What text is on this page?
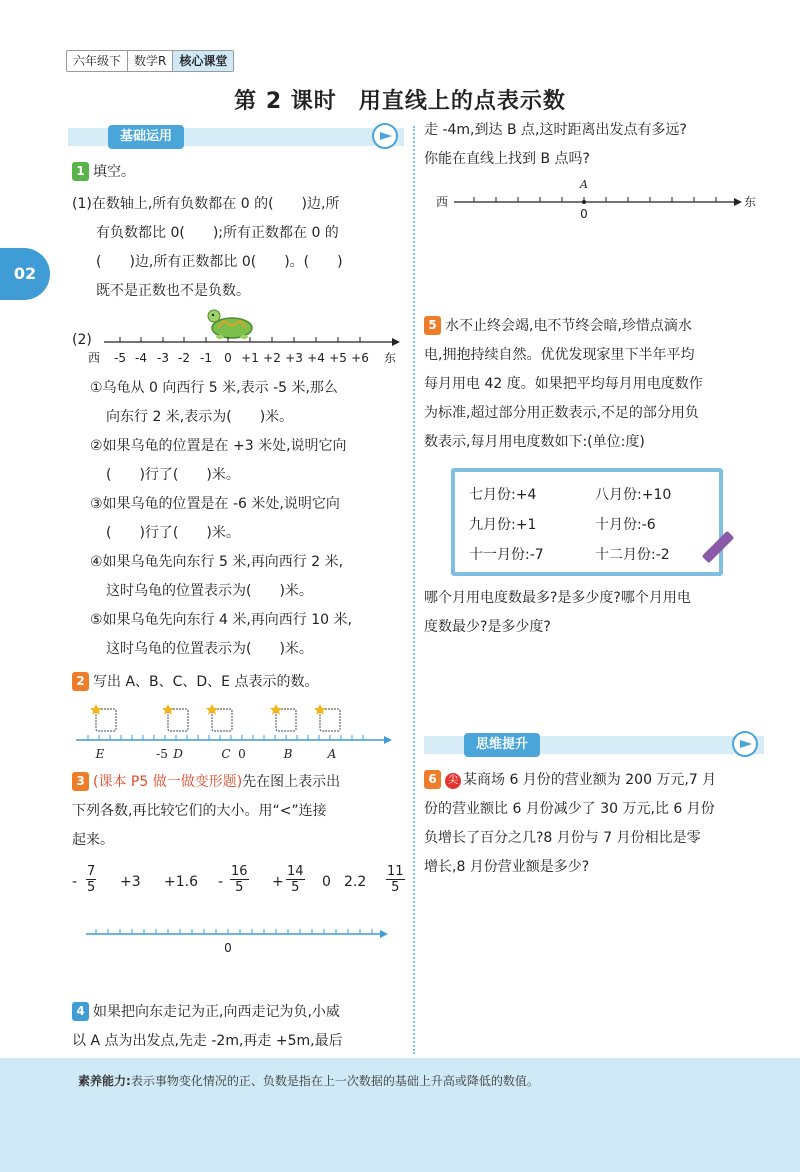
六年级下	数学R	核心课堂
第 2 课时 用直线上的点表示数
02
基础运用
1 填空。
(1)在数轴上,所有负数都在 0 的(　　)边,所
有负数都比 0(　　);所有正数都在 0 的
(　　)边,所有正数都比 0(　　)。(　　)
既不是正数也不是负数。
(2)
西 -5 -4 -3 -2 -1 0 +1 +2 +3 +4 +5 +6 东
①乌龟从 0 向西行 5 米,表示 -5 米,那么
向东行 2 米,表示为(　　)米。
②如果乌龟的位置是在 +3 米处,说明它向
(　　)行了(　　)米。
③如果乌龟的位置是在 -6 米处,说明它向
(　　)行了(　　)米。
④如果乌龟先向东行 5 米,再向西行 2 米,
这时乌龟的位置表示为(　　)米。
⑤如果乌龟先向东行 4 米,再向西行 10 米,
这时乌龟的位置表示为(　　)米。
2 写出 A、B、C、D、E 点表示的数。
E	-5 D	C 0	B	A
3 (课本 P5 做一做变形题)先在图上表示出
下列各数,再比较它们的大小。用“<”连接
起来。
- $\frac{7}{5} +3 +1.6 - \frac{16}{5} + \frac{14}{5} 0$ $2.2 \frac{11}{5}$
0
4 如果把向东走记为正,向西走记为负,小威
以 A 点为出发点,先走 -2m,再走 +5m,最后
走 -4m,到达 B 点,这时距离出发点有多远?
你能在直线上找到 B 点吗?
西	东
A
0
5 水不止终会竭,电不节终会暗,珍惜点滴水
电,拥抱持续自然。优优发现家里下半年平均
每月用电 42 度。如果把平均每月用电度数作
为标准,超过部分用正数表示,不足的部分用负
数表示,每月用电度数如下:(单位:度)
七月份:+4	八月份:+10
九月份:+1	十月份:-6
十一月份:-7	十二月份:-2
哪个月用电度数最多?是多少度?哪个月用电
度数最少?是多少度?
思维提升
6 尖 某商场 6 月份的营业额为 200 万元,7 月
份的营业额比 6 月份减少了 30 万元,比 6 月份
负增长了百分之几?8 月份与 7 月份相比是零
增长,8 月份营业额是多少?
素养能力:表示事物变化情况的正、负数是指在上一次数据的基础上升高或降低的数值。
